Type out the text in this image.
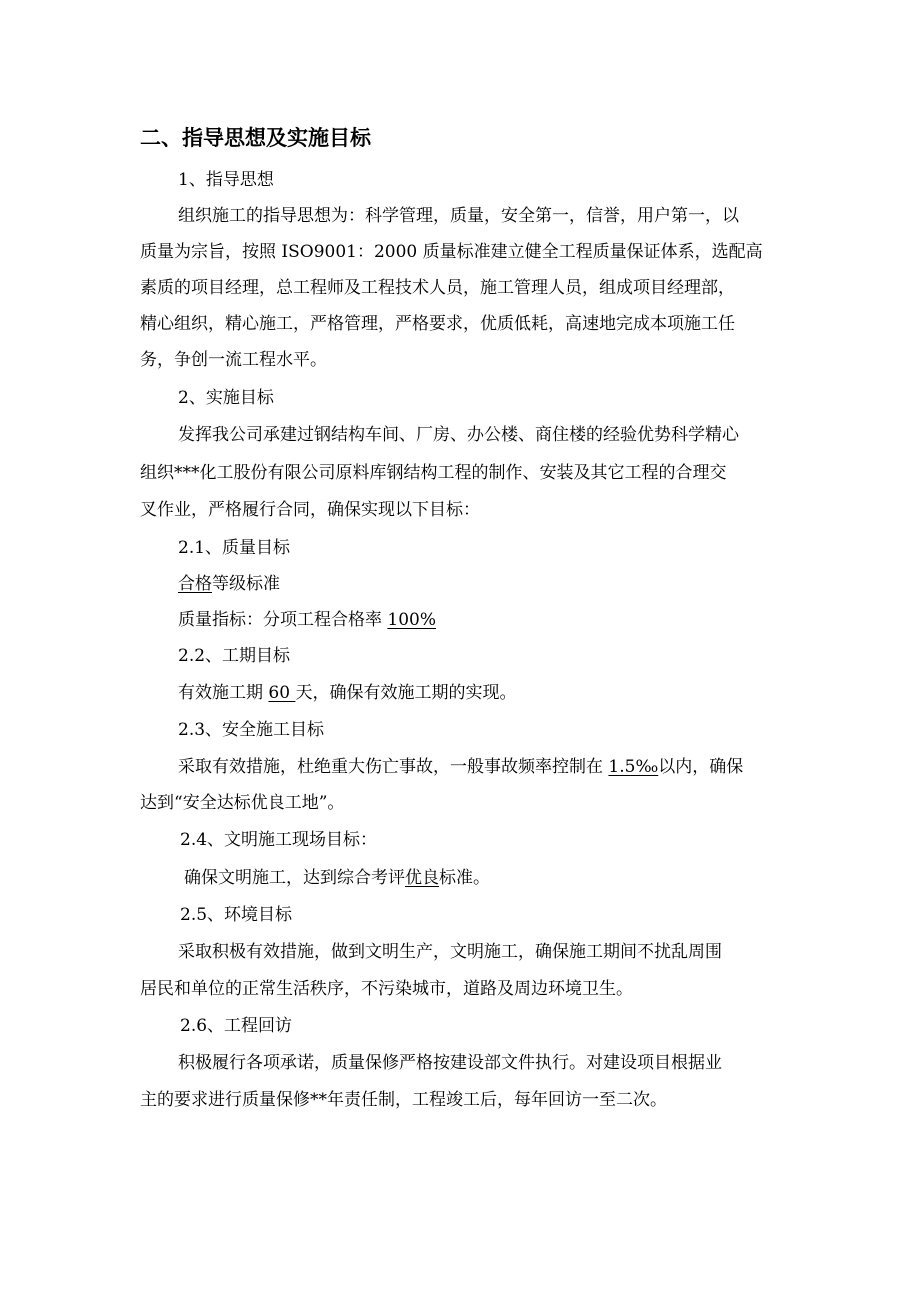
二、指导思想及实施目标
1、指导思想
组织施工的指导思想为：科学管理，质量，安全第一，信誉，用户第一，以
质量为宗旨，按照 ISO9001：2000 质量标准建立健全工程质量保证体系，选配高
素质的项目经理，总工程师及工程技术人员，施工管理人员，组成项目经理部，
精心组织，精心施工，严格管理，严格要求，优质低耗，高速地完成本项施工任
务，争创一流工程水平。
2、实施目标
发挥我公司承建过钢结构车间、厂房、办公楼、商住楼的经验优势科学精心
组织***化工股份有限公司原料库钢结构工程的制作、安装及其它工程的合理交
叉作业，严格履行合同，确保实现以下目标：
2.1、质量目标
合格等级标准
质量指标：分项工程合格率 100%
2.2、工期目标
有效施工期 60 天，确保有效施工期的实现。
2.3、安全施工目标
采取有效措施，杜绝重大伤亡事故，一般事故频率控制在 1.5‰以内，确保
达到“安全达标优良工地”。
2.4、文明施工现场目标：
确保文明施工，达到综合考评优良标准。
2.5、环境目标
采取积极有效措施，做到文明生产，文明施工，确保施工期间不扰乱周围
居民和单位的正常生活秩序，不污染城市，道路及周边环境卫生。
2.6、工程回访
积极履行各项承诺，质量保修严格按建设部文件执行。对建设项目根据业
主的要求进行质量保修**年责任制，工程竣工后，每年回访一至二次。
